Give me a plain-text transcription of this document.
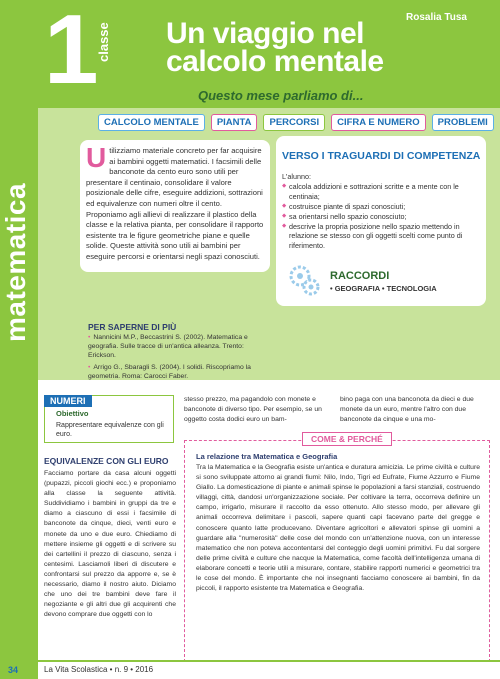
matematica
1
classe Un viaggio nel
calcolo mentale
Rosalia Tusa
Questo mese parliamo di...
CALCOLO MENTALE	PIANTA	PERCORSI	CIFRA E NUMERO	PROBLEMI
U tilizziamo materiale concreto per far acquisire ai bambini oggetti matematici. I facsimili delle banconote da cento euro sono utili per presentare il centinaio, consolidare il valore posizionale delle cifre, eseguire addizioni, sottrazioni ed equivalenze con numeri oltre il cento. Proponiamo agli allievi di realizzare il plastico della classe e la relativa pianta, per consolidare il rapporto esistente tra le figure geometriche piane e quelle solide. Queste attività sono utili ai bambini per eseguire percorsi e orientarsi negli spazi conosciuti.
PER SAPERNE DI PIÙ
• Nannicini M.P., Beccastrini S. (2002). Matematica e geografia. Sulle tracce di un'antica alleanza. Trento: Erickson.
• Arrigo G., Sbaragli S. (2004). I solidi. Riscopriamo la geometria. Roma: Carocci Faber.
VERSO I TRAGUARDI DI COMPETENZA
L'alunno:
◆ calcola addizioni e sottrazioni scritte e a mente con le centinaia;
◆ costruisce piante di spazi conosciuti;
◆ sa orientarsi nello spazio conosciuto;
◆ descrive la propria posizione nello spazio mettendo in relazione se stesso con gli oggetti scelti come punto di riferimento.
RACCORDI
• GEOGRAFIA • TECNOLOGIA
NUMERI
Obiettivo
Rappresentare equivalenze con gli euro.
EQUIVALENZE CON GLI EURO
Facciamo portare da casa alcuni oggetti (pupazzi, piccoli giochi ecc.) e proponiamo alla classe la seguente attività. Suddividiamo i bambini in gruppi da tre e diamo a ciascuno di essi i facsimile di banconote da cinque, dieci, venti euro e monete da uno e due euro. Chiediamo di mettere insieme gli oggetti e di scrivere su dei cartellini il prezzo di ciascuno, senza i centesimi. Lasciamoli liberi di discutere e confrontarsi sul prezzo da apporre e, se è necessario, diamo il nostro aiuto. Diciamo che uno dei tre bambini deve fare il negoziante e gli altri due gli acquirenti che devono comprare due oggetti con lo
stesso prezzo, ma pagandolo con monete e banconote di diverso tipo. Per esempio, se un oggetto costa dodici euro un bam-
bino paga con una banconota da dieci e due monete da un euro, mentre l'altro con due banconote da cinque e una mo-
COME & PERCHÉ
La relazione tra Matematica e Geografia
Tra la Matematica e la Geografia esiste un'antica e duratura amicizia. Le prime civiltà e culture si sono sviluppate attorno ai grandi fiumi: Nilo, Indo, Tigri ed Eufrate, Fiume Azzurro e Fiume Giallo. La domesticazione di piante e animali spinse le popolazioni a farsi stanziali, costruendo villaggi, città, dandosi un'organizzazione sociale. Per coltivare la terra, occorreva definire un campo, irrigarlo, misurare il raccolto da esso ottenuto. Allo stesso modo, per allevare gli animali occorreva delimitare i pascoli, sapere quanti capi facevano parte del gregge e conoscere quanto latte producevano. Diventare agricoltori e allevatori spinse gli uomini a guardare alla "numerosità" delle cose del mondo con un'attenzione nuova, con un interesse matematico che non poteva accontentarsi del conteggio degli uomini primitivi. Fu dal sorgere delle prime civiltà e culture che nacque la Matematica, come facoltà dell'intelligenza umana di elaborare concetti e teorie utili a misurare, contare, stabilire rapporti numerici e geometrici tra le cose del mondo. È importante che noi insegnanti facciamo conoscere ai bambini, fin da piccoli, il rapporto esistente tra Matematica e Geografia.
34	La Vita Scolastica • n. 9 • 2016
